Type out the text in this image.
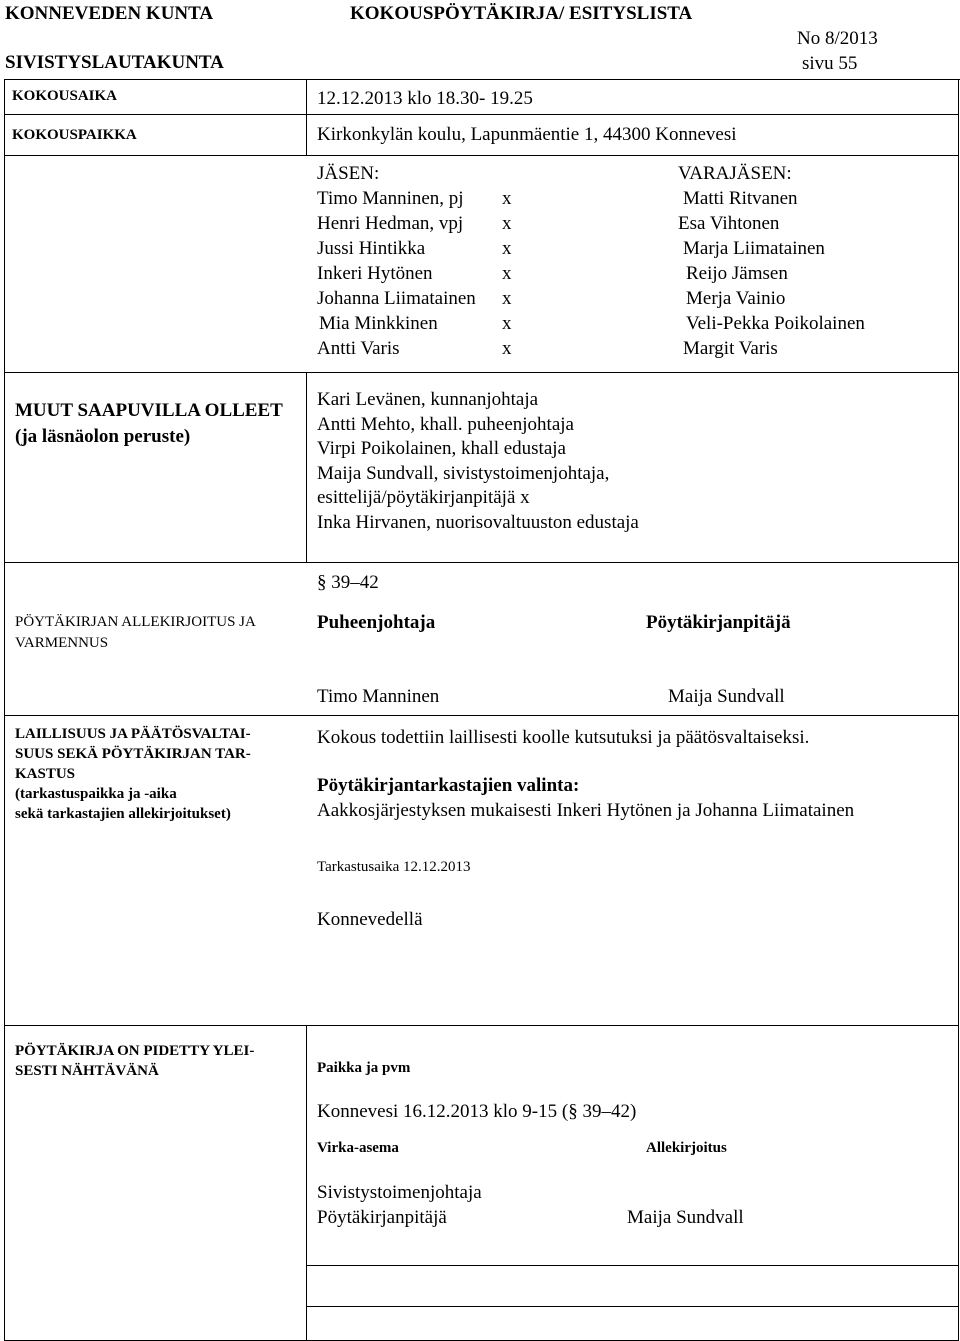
KONNEVEDEN KUNTA	KOKOUSPÖYTÄKIRJA/ ESITYSLISTA
SIVISTYSLAUTAKUNTA
No 8/2013
sivu 55
KOKOUSAIKA	12.12.2013 klo 18.30- 19.25
KOKOUSPAIKKA	Kirkonkylän koulu, Lapunmäentie 1, 44300 Konnevesi
JÄSEN:	VARAJÄSEN:
Timo Manninen, pj x	Matti Ritvanen
Henri Hedman, vpj x	Esa Vihtonen
Jussi Hintikka	x	Marja Liimatainen
Inkeri Hytönen	x	Reijo Jämsen
Johanna Liimatainen x	Merja Vainio
Mia Minkkinen	x	Veli-Pekka Poikolainen
Antti Varis	x	Margit Varis
MUUT SAAPUVILLA OLLEET (ja läsnäolon peruste)
Kari Levänen, kunnanjohtaja
Antti Mehto, khall. puheenjohtaja
Virpi Poikolainen, khall edustaja
Maija Sundvall, sivistystoimenjohtaja,
esittelijä/pöytäkirjanpitäjä x
Inka Hirvanen, nuorisovaltuuston edustaja
§ 39–42
PÖYTÄKIRJAN ALLEKIRJOITUS JA VARMENNUS
Puheenjohtaja	Pöytäkirjanpitäjä
Timo Manninen	Maija Sundvall
LAILLISUUS JA PÄÄTÖSVALTAI-
SUUS SEKÄ PÖYTÄKIRJAN TAR-
KASTUS
(tarkastuspaikka ja -aika
sekä tarkastajien allekirjoitukset)
Kokous todettiin laillisesti koolle kutsutuksi ja päätösvaltaiseksi.
Pöytäkirjantarkastajien valinta:
Aakkosjärjestyksen mukaisesti Inkeri Hytönen ja Johanna Liimatainen
Tarkastusaika 12.12.2013
Konnevedellä
PÖYTÄKIRJA ON PIDETTY YLEI-
SESTI NÄHTÄVÄNÄ	Paikka ja pvm
Konnevesi 16.12.2013 klo 9-15 (§ 39–42)
Virka-asema	Allekirjoitus
Sivistystoimenjohtaja
Pöytäkirjanpitäjä	Maija Sundvall
